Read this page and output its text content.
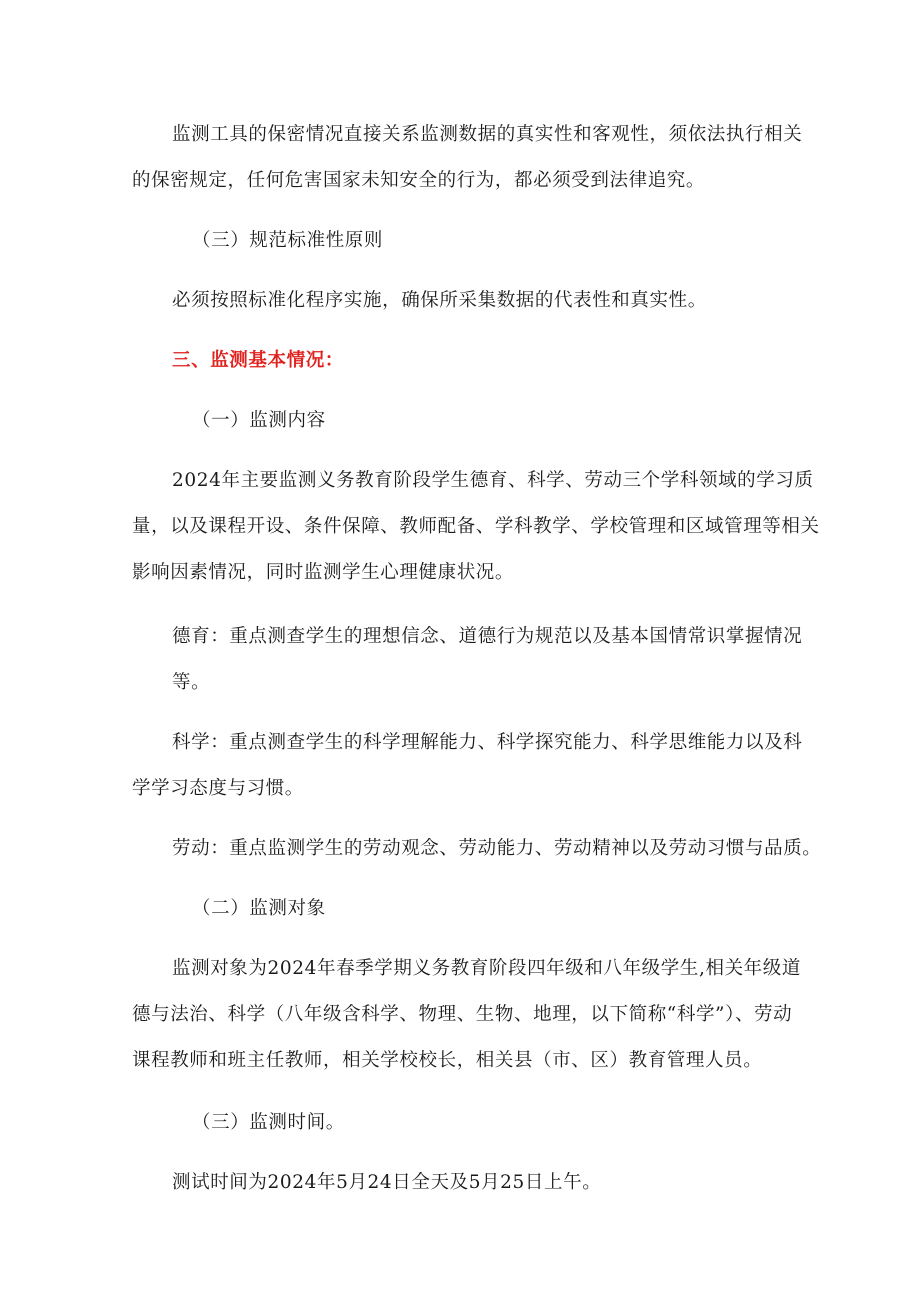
监测工具的保密情况直接关系监测数据的真实性和客观性，须依法执行相关
的保密规定，任何危害国家未知安全的行为，都必须受到法律追究。
（三）规范标准性原则
必须按照标准化程序实施，确保所采集数据的代表性和真实性。
三、监测基本情况：
（一）监测内容
2024年主要监测义务教育阶段学生德育、科学、劳动三个学科领域的学习质
量，以及课程开设、条件保障、教师配备、学科教学、学校管理和区域管理等相关
影响因素情况，同时监测学生心理健康状况。
德育：重点测查学生的理想信念、道德行为规范以及基本国情常识掌握情况
等。
科学：重点测查学生的科学理解能力、科学探究能力、科学思维能力以及科
学学习态度与习惯。
劳动：重点监测学生的劳动观念、劳动能力、劳动精神以及劳动习惯与品质。
（二）监测对象
监测对象为2024年春季学期义务教育阶段四年级和八年级学生,相关年级道
德与法治、科学（八年级含科学、物理、生物、地理，以下简称“科学”）、劳动
课程教师和班主任教师，相关学校校长，相关县（市、区）教育管理人员。
（三）监测时间。
测试时间为2024年5月24日全天及5月25日上午。
